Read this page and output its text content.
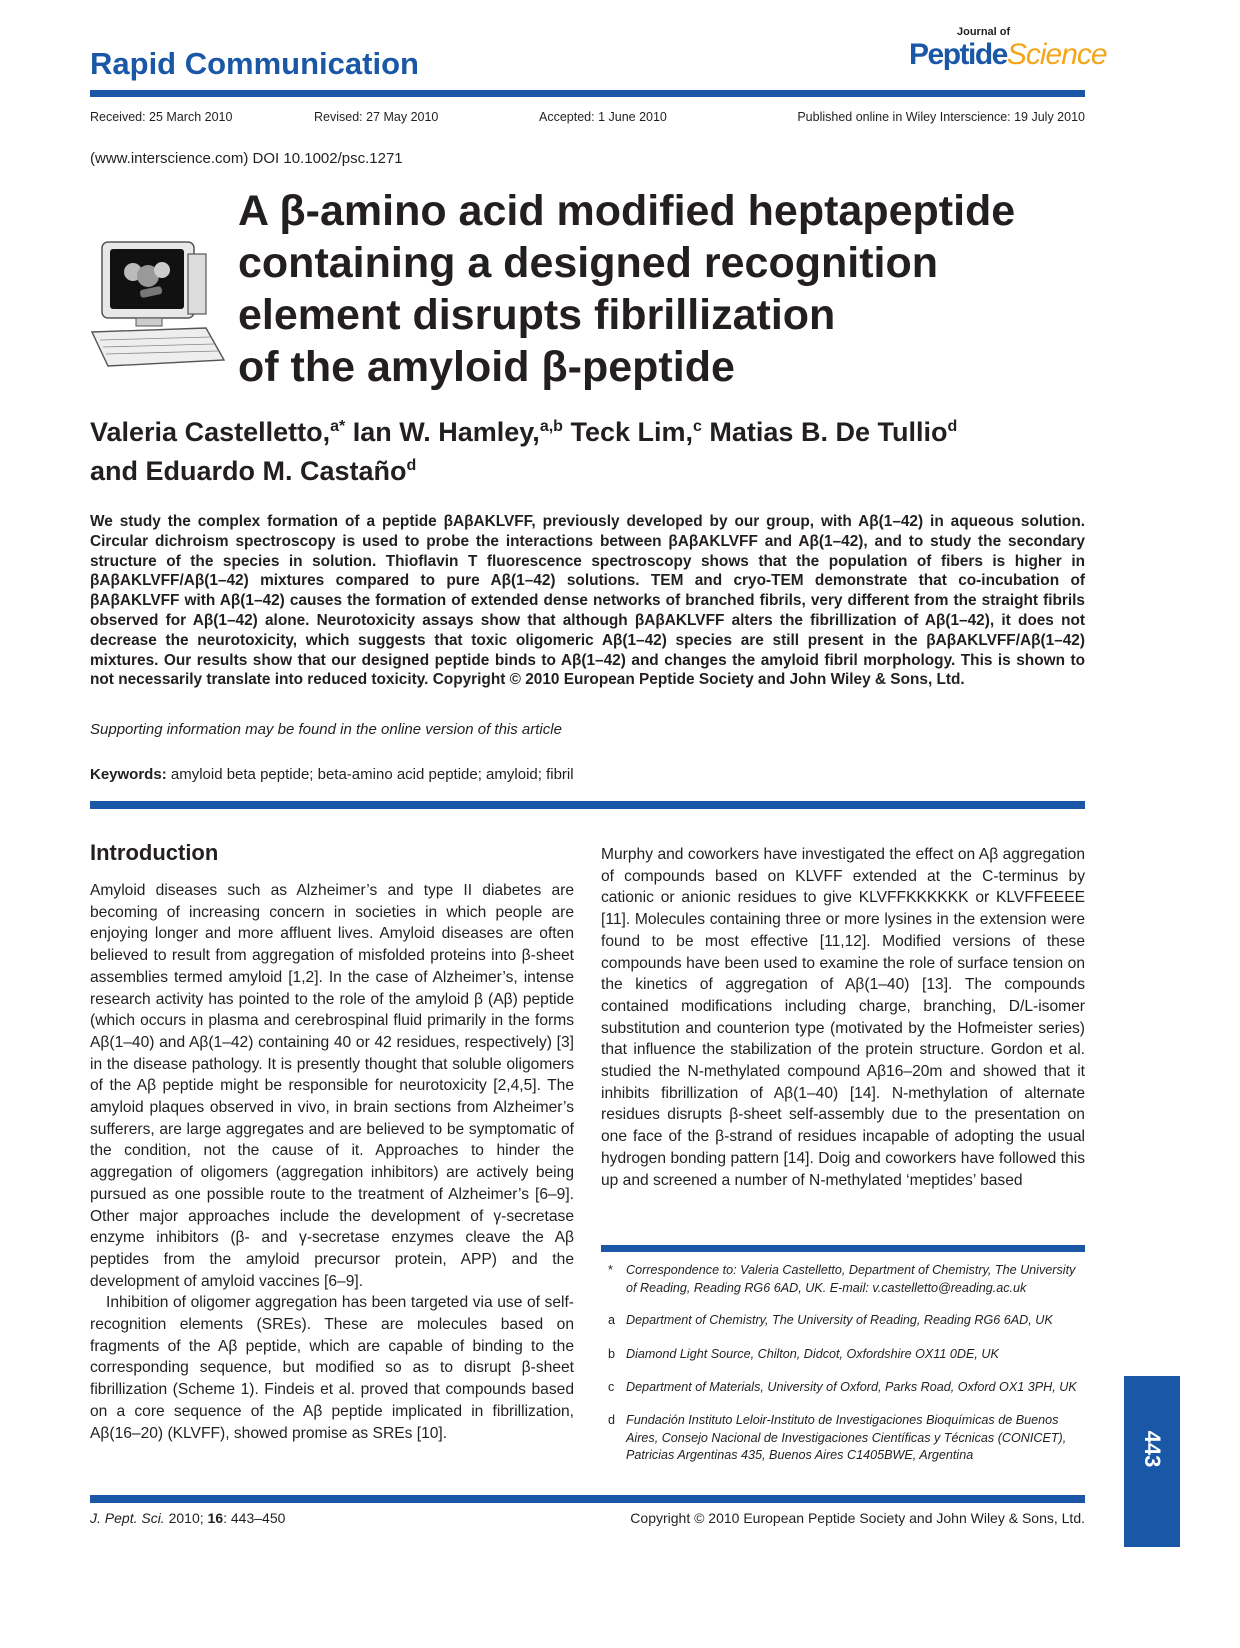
Rapid Communication
Journal of
PeptideScience
Received: 25 March 2010	Revised: 27 May 2010	Accepted: 1 June 2010	Published online in Wiley Interscience: 19 July 2010
(www.interscience.com) DOI 10.1002/psc.1271
A β-amino acid modified heptapeptide
containing a designed recognition
element disrupts fibrillization
of the amyloid β-peptide
Valeria Castelletto,$^{a*}$ Ian W. Hamley,$^{a,b}$ Teck Lim,$^c$ Matias B. De Tullio$^d$
and Eduardo M. Castaño$^d$
We study the complex formation of a peptide βAβAKLVFF, previously developed by our group, with Aβ(1–42) in aqueous solution. Circular dichroism spectroscopy is used to probe the interactions between βAβAKLVFF and Aβ(1–42), and to study the secondary structure of the species in solution. Thioflavin T fluorescence spectroscopy shows that the population of fibers is higher in βAβAKLVFF/Aβ(1–42) mixtures compared to pure Aβ(1–42) solutions. TEM and cryo-TEM demonstrate that co-incubation of βAβAKLVFF with Aβ(1–42) causes the formation of extended dense networks of branched fibrils, very different from the straight fibrils observed for Aβ(1–42) alone. Neurotoxicity assays show that although βAβAKLVFF alters the fibrillization of Aβ(1–42), it does not decrease the neurotoxicity, which suggests that toxic oligomeric Aβ(1–42) species are still present in the βAβAKLVFF/Aβ(1–42) mixtures. Our results show that our designed peptide binds to Aβ(1–42) and changes the amyloid fibril morphology. This is shown to not necessarily translate into reduced toxicity. Copyright © 2010 European Peptide Society and John Wiley & Sons, Ltd.
Supporting information may be found in the online version of this article
Keywords: amyloid beta peptide; beta-amino acid peptide; amyloid; fibril
Introduction

Amyloid diseases such as Alzheimer’s and type II diabetes are becoming of increasing concern in societies in which people are enjoying longer and more affluent lives. Amyloid diseases are often believed to result from aggregation of misfolded proteins into β-sheet assemblies termed amyloid [1,2]. In the case of Alzheimer’s, intense research activity has pointed to the role of the amyloid β (Aβ) peptide (which occurs in plasma and cerebrospinal fluid primarily in the forms Aβ(1–40) and Aβ(1–42) containing 40 or 42 residues, respectively) [3] in the disease pathology. It is presently thought that soluble oligomers of the Aβ peptide might be responsible for neurotoxicity [2,4,5]. The amyloid plaques observed in vivo, in brain sections from Alzheimer’s sufferers, are large aggregates and are believed to be symptomatic of the condition, not the cause of it. Approaches to hinder the aggregation of oligomers (aggregation inhibitors) are actively being pursued as one possible route to the treatment of Alzheimer’s [6–9]. Other major approaches include the development of γ-secretase enzyme inhibitors (β- and γ-secretase enzymes cleave the Aβ peptides from the amyloid precursor protein, APP) and the development of amyloid vaccines [6–9].

Inhibition of oligomer aggregation has been targeted via use of self-recognition elements (SREs). These are molecules based on fragments of the Aβ peptide, which are capable of binding to the corresponding sequence, but modified so as to disrupt β-sheet fibrillization (Scheme 1). Findeis et al. proved that compounds based on a core sequence of the Aβ peptide implicated in fibrillization, Aβ(16–20) (KLVFF), showed promise as SREs [10].

Murphy and coworkers have investigated the effect on Aβ aggregation of compounds based on KLVFF extended at the C-terminus by cationic or anionic residues to give KLVFFKKKKKK or KLVFFEEEE [11]. Molecules containing three or more lysines in the extension were found to be most effective [11,12]. Modified versions of these compounds have been used to examine the role of surface tension on the kinetics of aggregation of Aβ(1–40) [13]. The compounds contained modifications including charge, branching, D/L-isomer substitution and counterion type (motivated by the Hofmeister series) that influence the stabilization of the protein structure. Gordon et al. studied the N-methylated compound Aβ16–20m and showed that it inhibits fibrillization of Aβ(1–40) [14]. N-methylation of alternate residues disrupts β-sheet self-assembly due to the presentation on one face of the β-strand of residues incapable of adopting the usual hydrogen bonding pattern [14]. Doig and coworkers have followed this up and screened a number of N-methylated ‘meptides’ based

*	Correspondence to: Valeria Castelletto, Department of Chemistry, The University of Reading, Reading RG6 6AD, UK. E-mail: v.castelletto@reading.ac.uk
a Department of Chemistry, The University of Reading, Reading RG6 6AD, UK
b Diamond Light Source, Chilton, Didcot, Oxfordshire OX11 0DE, UK
c Department of Materials, University of Oxford, Parks Road, Oxford OX1 3PH, UK
d Fundación Instituto Leloir-Instituto de Investigaciones Bioquímicas de Buenos Aires, Consejo Nacional de Investigaciones Científicas y Técnicas (CONICET), Patricias Argentinas 435, Buenos Aires C1405BWE, Argentina	443
J. Pept. Sci. 2010; 16: 443–450	Copyright © 2010 European Peptide Society and John Wiley & Sons, Ltd.
